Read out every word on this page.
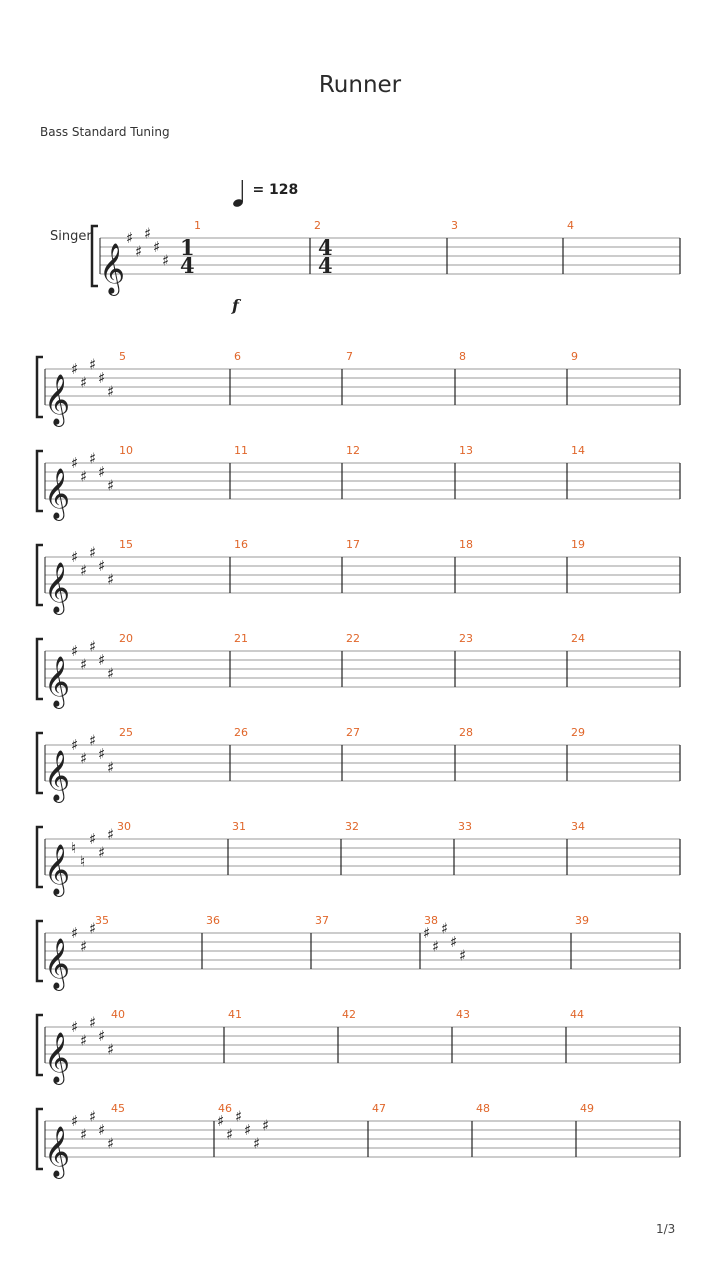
Runner
Bass Standard Tuning
= 128
Singer
f
1/3
𝄞
♯
♯
♯
♯
♯
1	2	3	4
𝄞
♯
♯
♯
♯
♯
5	6	7	8	9
𝄞
♯
♯
♯
♯
♯
10	11	12	13	14
𝄞
♯
♯
♯
♯
♯
15	16	17	18	19
𝄞
♯
♯
♯
♯
♯
20	21	22	23	24
𝄞
♯
♯
♯
♯
♯
25	26	27	28	29
𝄞 ♮
♮
♯
♯
♯ 30	31	32	33	34
𝄞
♯
♯
♯
35	36	37	38	39
♯
♯
♯
♯
♯
𝄞
♯
♯
♯
♯
♯
40	41	42	43	44
𝄞
♯
♯
♯
♯
♯
45	46	47	48	49
♯
♯
♯
♯
♯
♯
1
4
4
4
